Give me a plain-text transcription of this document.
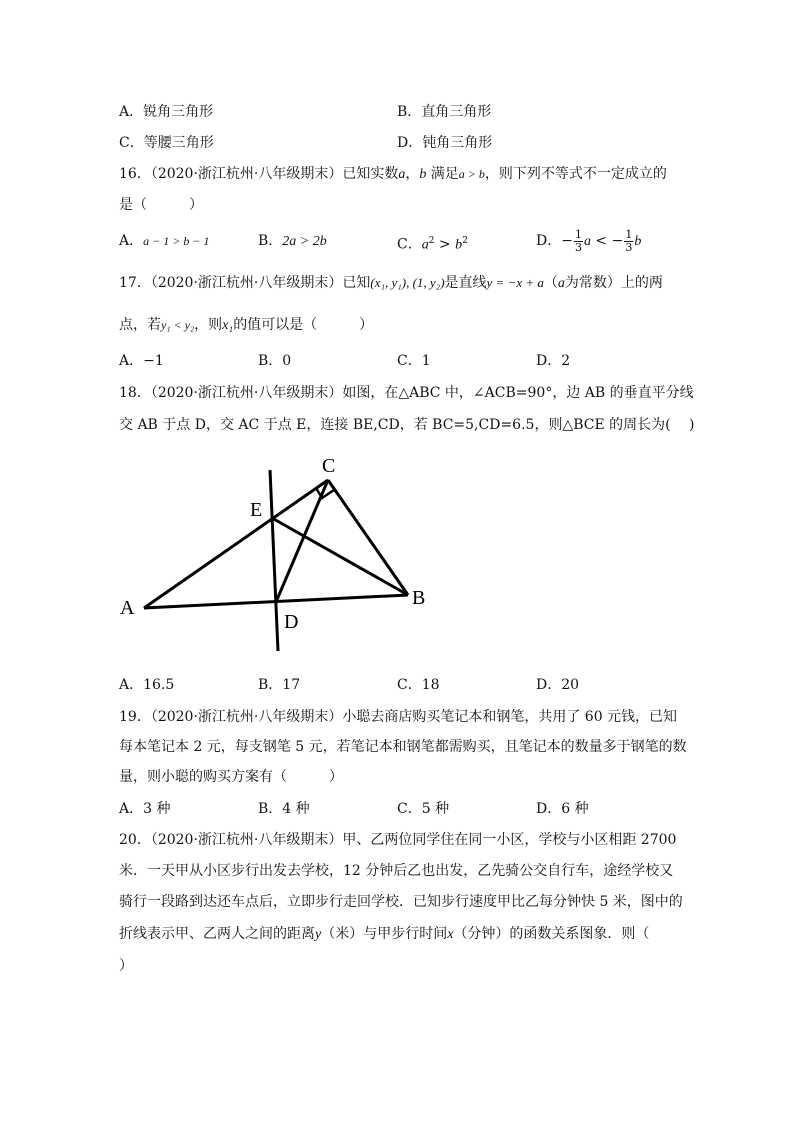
A．锐角三角形	B．直角三角形
C．等腰三角形	D．钝角三角形
16．（2020·浙江杭州·八年级期末）已知实数a，b 满足a > b，则下列不等式不一定成立的
是（　　　）
A．a − 1 > b − 1	B．2a > 2b	C．$a^2 > b^2$	D．− $\frac{1}{3}$ a < − $\frac{1}{3}$ b
17．（2020·浙江杭州·八年级期末）已知(x₁, y₁), (1, y₂)是直线y = −x + a（a为常数）上的两
点，若y₁ < y₂，则x₁的值可以是（　　　）
A．−1	B．0	C．1	D．2
18．（2020·浙江杭州·八年级期末）如图，在△ABC 中，∠ACB=90°，边 AB 的垂直平分线
交 AB 于点 D，交 AC 于点 E，连接 BE,CD，若 BC=5,CD=6.5，则△BCE 的周长为(　 )
C
E
A	B
D
A．16.5	B．17	C．18	D．20
19．（2020·浙江杭州·八年级期末）小聪去商店购买笔记本和钢笔，共用了 60 元钱，已知
每本笔记本 2 元，每支钢笔 5 元，若笔记本和钢笔都需购买，且笔记本的数量多于钢笔的数
量，则小聪的购买方案有（　　　）
A．3 种	B．4 种	C．5 种	D．6 种
20．（2020·浙江杭州·八年级期末）甲、乙两位同学住在同一小区，学校与小区相距 2700
米．一天甲从小区步行出发去学校，12 分钟后乙也出发，乙先骑公交自行车，途经学校又
骑行一段路到达还车点后，立即步行走回学校．已知步行速度甲比乙每分钟快 5 米，图中的
折线表示甲、乙两人之间的距离y（米）与甲步行时间x（分钟）的函数关系图象．则（
）
